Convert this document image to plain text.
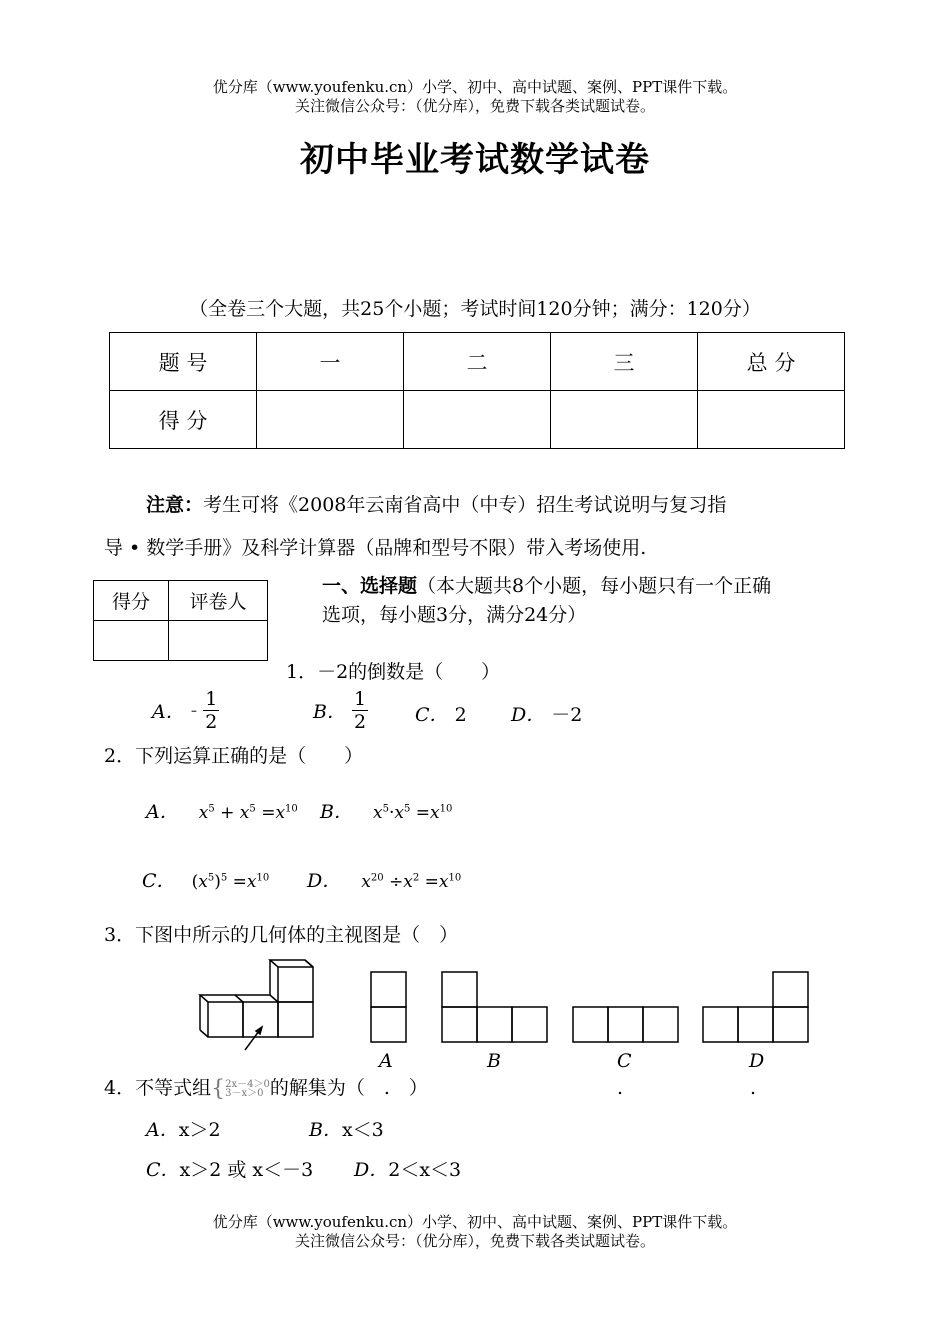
优分库（www.youfenku.cn）小学、初中、高中试题、案例、PPT课件下载。
关注微信公众号：（优分库），免费下载各类试题试卷。
初中毕业考试数学试卷
（全卷三个大题，共25个小题；考试时间120分钟；满分：120分）
题 号	一	二	三	总 分
得 分				
注意：考生可将《2008年云南省高中（中专）招生考试说明与复习指
导 • 数学手册》及科学计算器（品牌和型号不限）带入考场使用.
得分	评卷人

一、选择题（本大题共8个小题，每小题只有一个正确
选项，每小题3分，满分24分）
1．－2的倒数是（　　）
A． - $\frac{1}{2}$	B． $\frac{1}{2}$ C． 2 D． －2
2．下列运算正确的是（　　）
A． $x^5 + x^5 =x^{10}$ B． $x^5\cdot x^5 =x^{10}$
C． $(x^5)^5 =x^{10}$ D． $x^{20} \div x^2 =x^{10}$
3．下图中所示的几何体的主视图是（　）
A	B	C	D
.	.
4．不等式组{ 2x－4＞0
3－x＞0 的解集为（　.　）
A．x＞2	B．x＜3
C．x＞2 或 x＜－3 D．2＜x＜3
优分库（www.youfenku.cn）小学、初中、高中试题、案例、PPT课件下载。
关注微信公众号：（优分库），免费下载各类试题试卷。
